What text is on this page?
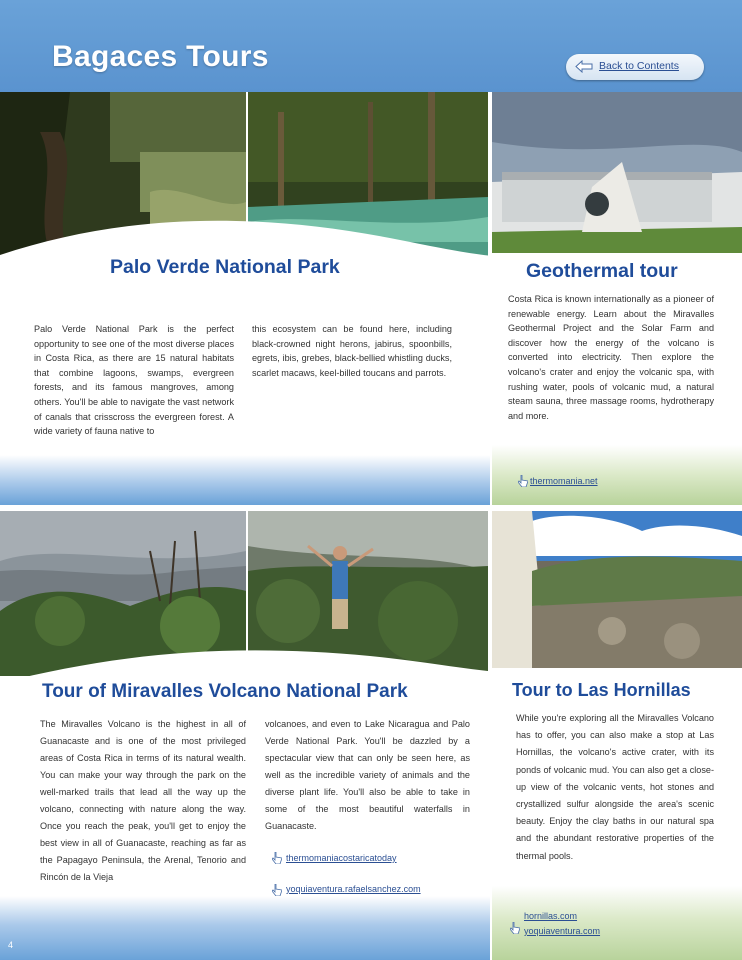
Bagaces Tours	Back to Contents
Palo Verde National Park

Palo Verde National Park is the perfect opportunity to see one of the most diverse places in Costa Rica, as there are 15 natural habitats that combine lagoons, swamps, evergreen forests, and its famous mangroves, among others. You'll be able to navigate the vast network of canals that crisscross the evergreen forest. A wide variety of fauna native to

this ecosystem can be found here, including black-crowned night herons, jabirus, spoonbills, egrets, ibis, grebes, black-bellied whistling ducks, scarlet macaws, keel-billed toucans and parrots.

Geothermal tour

Costa Rica is known internationally as a pioneer of renewable energy. Learn about the Miravalles Geothermal Project and the Solar Farm and discover how the energy of the volcano is converted into electricity. Then explore the volcano's crater and enjoy the volcanic spa, with rushing water, pools of volcanic mud, a natural steam sauna, three massage rooms, hydrotherapy and more.

thermomania.net
Tour of Miravalles Volcano National Park

The Miravalles Volcano is the highest in all of Guanacaste and is one of the most privileged areas of Costa Rica in terms of its natural wealth. You can make your way through the park on the well-marked trails that lead all the way up the volcano, connecting with nature along the way. Once you reach the peak, you'll get to enjoy the best view in all of Guanacaste, reaching as far as the Papagayo Peninsula, the Arenal, Tenorio and Rincón de la Vieja

volcanoes, and even to Lake Nicaragua and Palo Verde National Park. You'll be dazzled by a spectacular view that can only be seen here, as well as the incredible variety of animals and the diverse plant life. You'll also be able to take in some of the most beautiful waterfalls in Guanacaste.

thermomaniacostaricatoday
yoquiaventura.rafaelsanchez.com
Tour to Las Hornillas

While you're exploring all the Miravalles Volcano has to offer, you can also make a stop at Las Hornillas, the volcano's active crater, with its ponds of volcanic mud. You can also get a close-up view of the volcanic vents, hot stones and crystallized sulfur alongside the area's scenic beauty. Enjoy the clay baths in our natural spa and the abundant restorative properties of the thermal pools.

hornillas.com
yoquiaventura.com
4
